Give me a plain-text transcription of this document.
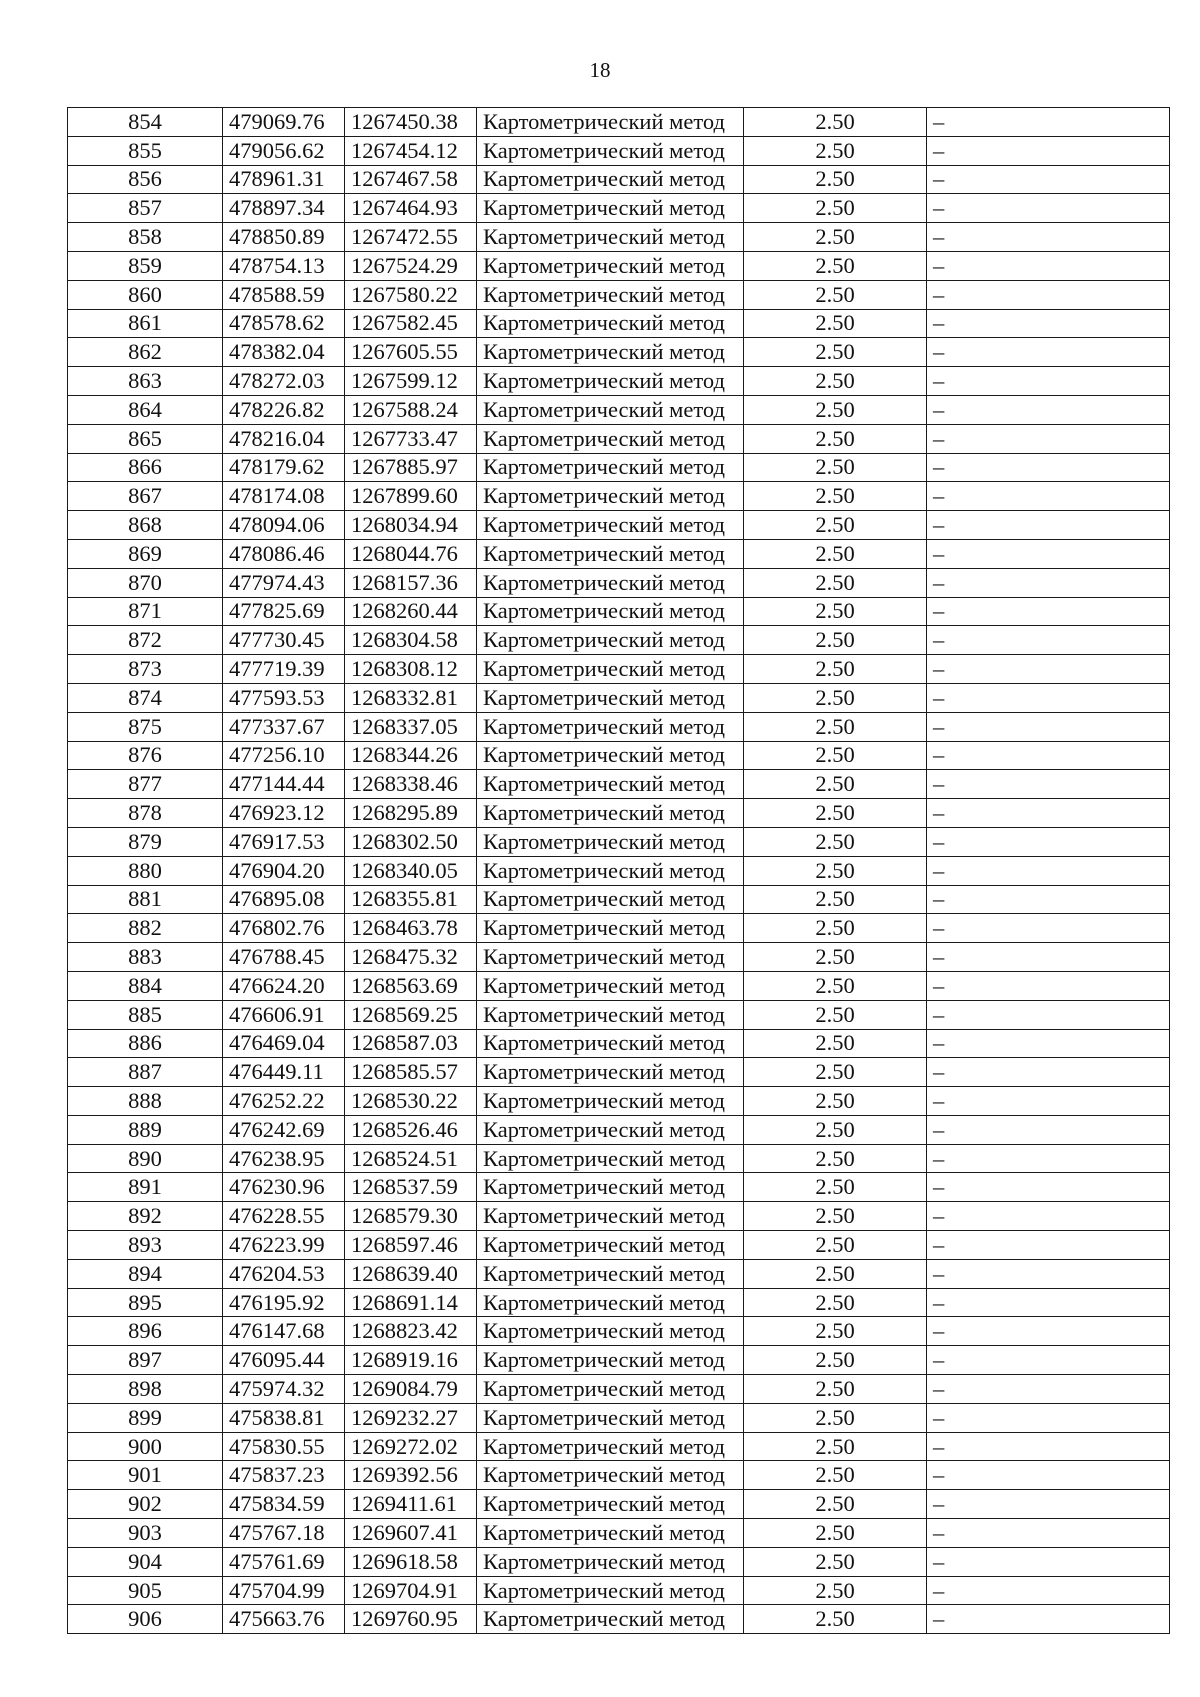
18
854	479069.76	1267450.38	Картометрический метод	2.50	–
855	479056.62	1267454.12	Картометрический метод	2.50	–
856	478961.31	1267467.58	Картометрический метод	2.50	–
857	478897.34	1267464.93	Картометрический метод	2.50	–
858	478850.89	1267472.55	Картометрический метод	2.50	–
859	478754.13	1267524.29	Картометрический метод	2.50	–
860	478588.59	1267580.22	Картометрический метод	2.50	–
861	478578.62	1267582.45	Картометрический метод	2.50	–
862	478382.04	1267605.55	Картометрический метод	2.50	–
863	478272.03	1267599.12	Картометрический метод	2.50	–
864	478226.82	1267588.24	Картометрический метод	2.50	–
865	478216.04	1267733.47	Картометрический метод	2.50	–
866	478179.62	1267885.97	Картометрический метод	2.50	–
867	478174.08	1267899.60	Картометрический метод	2.50	–
868	478094.06	1268034.94	Картометрический метод	2.50	–
869	478086.46	1268044.76	Картометрический метод	2.50	–
870	477974.43	1268157.36	Картометрический метод	2.50	–
871	477825.69	1268260.44	Картометрический метод	2.50	–
872	477730.45	1268304.58	Картометрический метод	2.50	–
873	477719.39	1268308.12	Картометрический метод	2.50	–
874	477593.53	1268332.81	Картометрический метод	2.50	–
875	477337.67	1268337.05	Картометрический метод	2.50	–
876	477256.10	1268344.26	Картометрический метод	2.50	–
877	477144.44	1268338.46	Картометрический метод	2.50	–
878	476923.12	1268295.89	Картометрический метод	2.50	–
879	476917.53	1268302.50	Картометрический метод	2.50	–
880	476904.20	1268340.05	Картометрический метод	2.50	–
881	476895.08	1268355.81	Картометрический метод	2.50	–
882	476802.76	1268463.78	Картометрический метод	2.50	–
883	476788.45	1268475.32	Картометрический метод	2.50	–
884	476624.20	1268563.69	Картометрический метод	2.50	–
885	476606.91	1268569.25	Картометрический метод	2.50	–
886	476469.04	1268587.03	Картометрический метод	2.50	–
887	476449.11	1268585.57	Картометрический метод	2.50	–
888	476252.22	1268530.22	Картометрический метод	2.50	–
889	476242.69	1268526.46	Картометрический метод	2.50	–
890	476238.95	1268524.51	Картометрический метод	2.50	–
891	476230.96	1268537.59	Картометрический метод	2.50	–
892	476228.55	1268579.30	Картометрический метод	2.50	–
893	476223.99	1268597.46	Картометрический метод	2.50	–
894	476204.53	1268639.40	Картометрический метод	2.50	–
895	476195.92	1268691.14	Картометрический метод	2.50	–
896	476147.68	1268823.42	Картометрический метод	2.50	–
897	476095.44	1268919.16	Картометрический метод	2.50	–
898	475974.32	1269084.79	Картометрический метод	2.50	–
899	475838.81	1269232.27	Картометрический метод	2.50	–
900	475830.55	1269272.02	Картометрический метод	2.50	–
901	475837.23	1269392.56	Картометрический метод	2.50	–
902	475834.59	1269411.61	Картометрический метод	2.50	–
903	475767.18	1269607.41	Картометрический метод	2.50	–
904	475761.69	1269618.58	Картометрический метод	2.50	–
905	475704.99	1269704.91	Картометрический метод	2.50	–
906	475663.76	1269760.95	Картометрический метод	2.50	–
